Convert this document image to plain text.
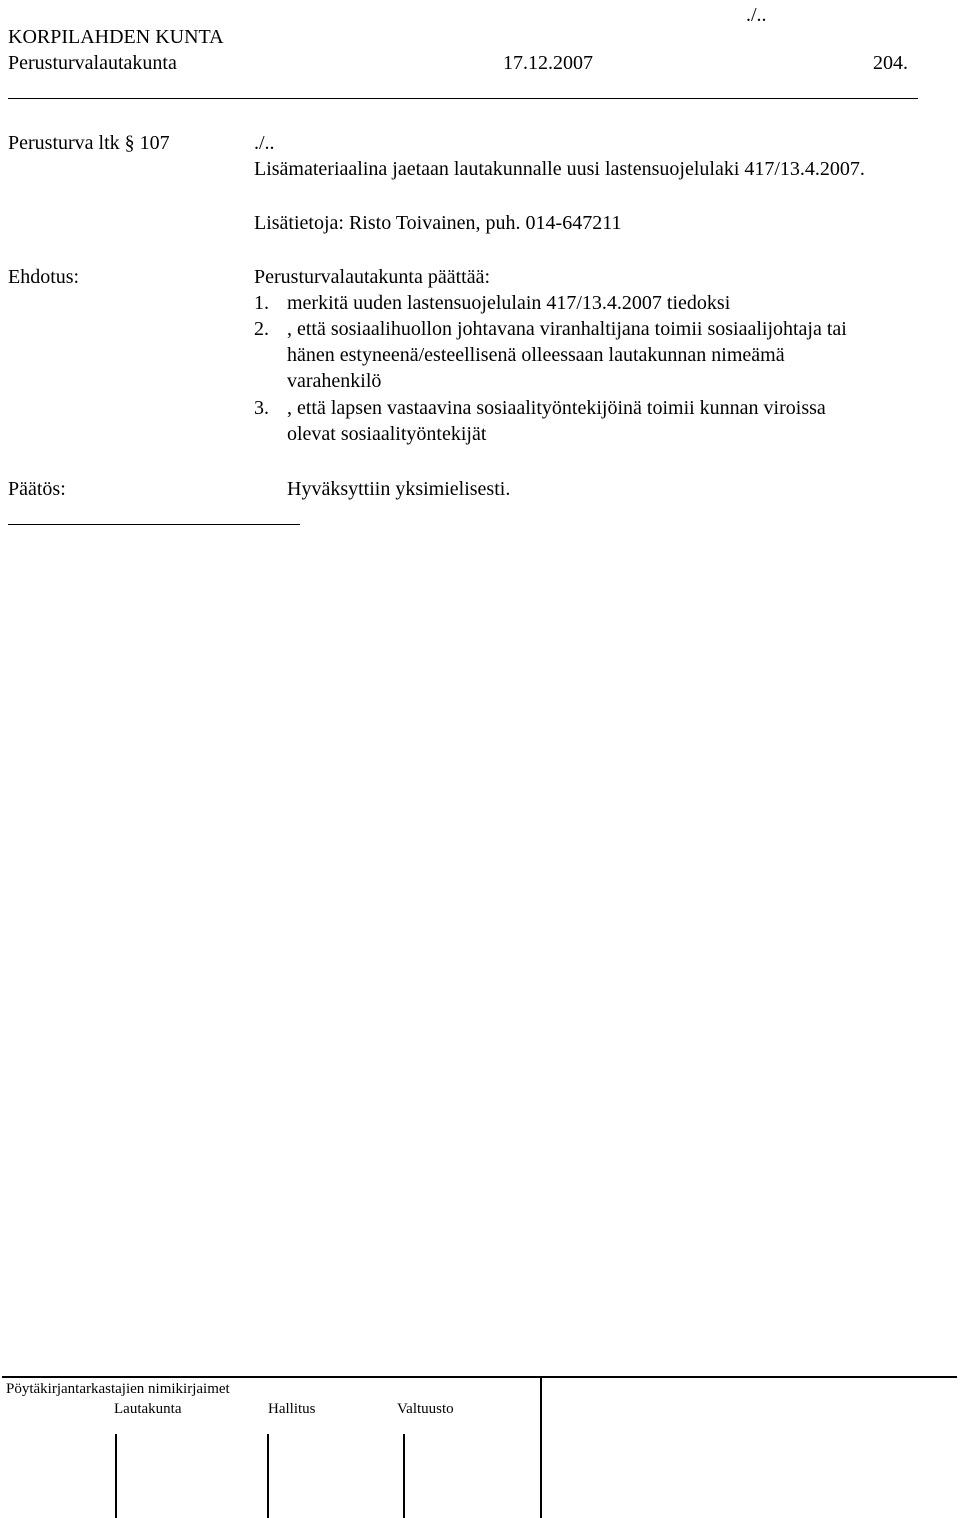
./..
KORPILAHDEN KUNTA
Perusturvalautakunta	17.12.2007	204.
Perusturva ltk § 107	./..
Lisämateriaalina jaetaan lautakunnalle uusi lastensuojelulaki 417/13.4.2007.
Lisätietoja: Risto Toivainen, puh. 014-647211
Ehdotus:	Perusturvalautakunta päättää:
1. merkitä uuden lastensuojelulain 417/13.4.2007 tiedoksi
2. , että sosiaalihuollon johtavana viranhaltijana toimii sosiaalijohtaja tai
hänen estyneenä/esteellisenä olleessaan lautakunnan nimeämä
varahenkilö
3. , että lapsen vastaavina sosiaalityöntekijöinä toimii kunnan viroissa
olevat sosiaalityöntekijät
Päätös:	Hyväksyttiin yksimielisesti.
Pöytäkirjantarkastajien nimikirjaimet
Lautakunta	Hallitus	Valtuusto
